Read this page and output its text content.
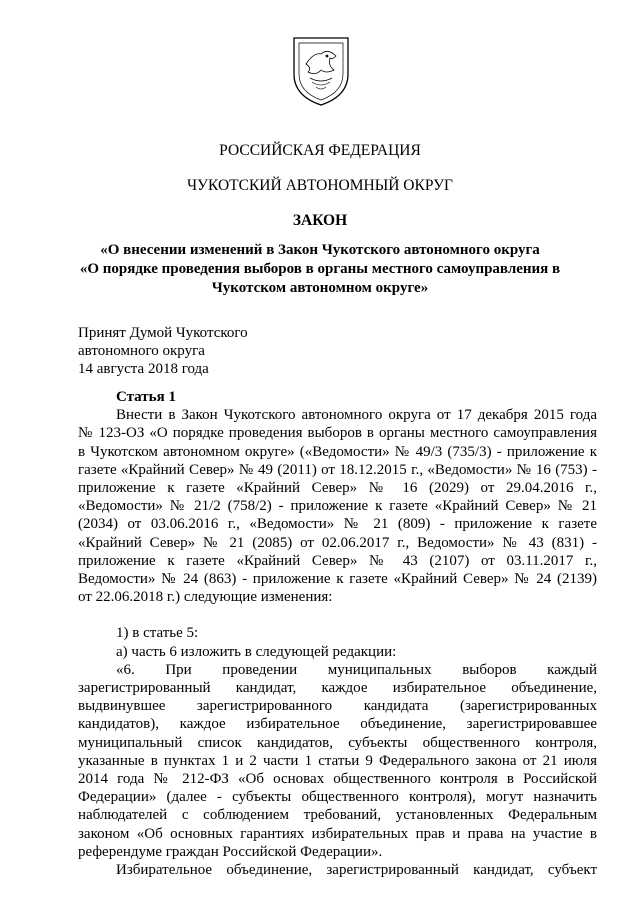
РОССИЙСКАЯ ФЕДЕРАЦИЯ
ЧУКОТСКИЙ АВТОНОМНЫЙ ОКРУГ
ЗАКОН
«О внесении изменений в Закон Чукотского автономного округа
«О порядке проведения выборов в органы местного самоуправления в
Чукотском автономном округе»
Принят Думой Чукотского
автономного округа
14 августа 2018 года
Статья 1
Внести в Закон Чукотского автономного округа от 17 декабря 2015 года
№ 123-ОЗ «О порядке проведения выборов в органы местного самоуправления
в Чукотском автономном округе» («Ведомости» № 49/3 (735/3) - приложение к
газете «Крайний Север» № 49 (2011) от 18.12.2015 г., «Ведомости» № 16 (753) -
приложение к газете «Крайний Север» № 16 (2029) от 29.04.2016 г.,
«Ведомости» № 21/2 (758/2) - приложение к газете «Крайний Север» № 21
(2034) от 03.06.2016 г., «Ведомости» № 21 (809) - приложение к газете
«Крайний Север» № 21 (2085) от 02.06.2017 г., Ведомости» № 43 (831) -
приложение к газете «Крайний Север» № 43 (2107) от 03.11.2017 г.,
Ведомости» № 24 (863) - приложение к газете «Крайний Север» № 24 (2139)
от 22.06.2018 г.) следующие изменения:
1) в статье 5:
а) часть 6 изложить в следующей редакции:
«6. При проведении муниципальных выборов каждый
зарегистрированный кандидат, каждое избирательное объединение,
выдвинувшее зарегистрированного кандидата (зарегистрированных
кандидатов), каждое избирательное объединение, зарегистрировавшее
муниципальный список кандидатов, субъекты общественного контроля,
указанные в пунктах 1 и 2 части 1 статьи 9 Федерального закона от 21 июля
2014 года № 212-ФЗ «Об основах общественного контроля в Российской
Федерации» (далее - субъекты общественного контроля), могут назначить
наблюдателей с соблюдением требований, установленных Федеральным
законом «Об основных гарантиях избирательных прав и права на участие в
референдуме граждан Российской Федерации».
Избирательное объединение, зарегистрированный кандидат, субъект
